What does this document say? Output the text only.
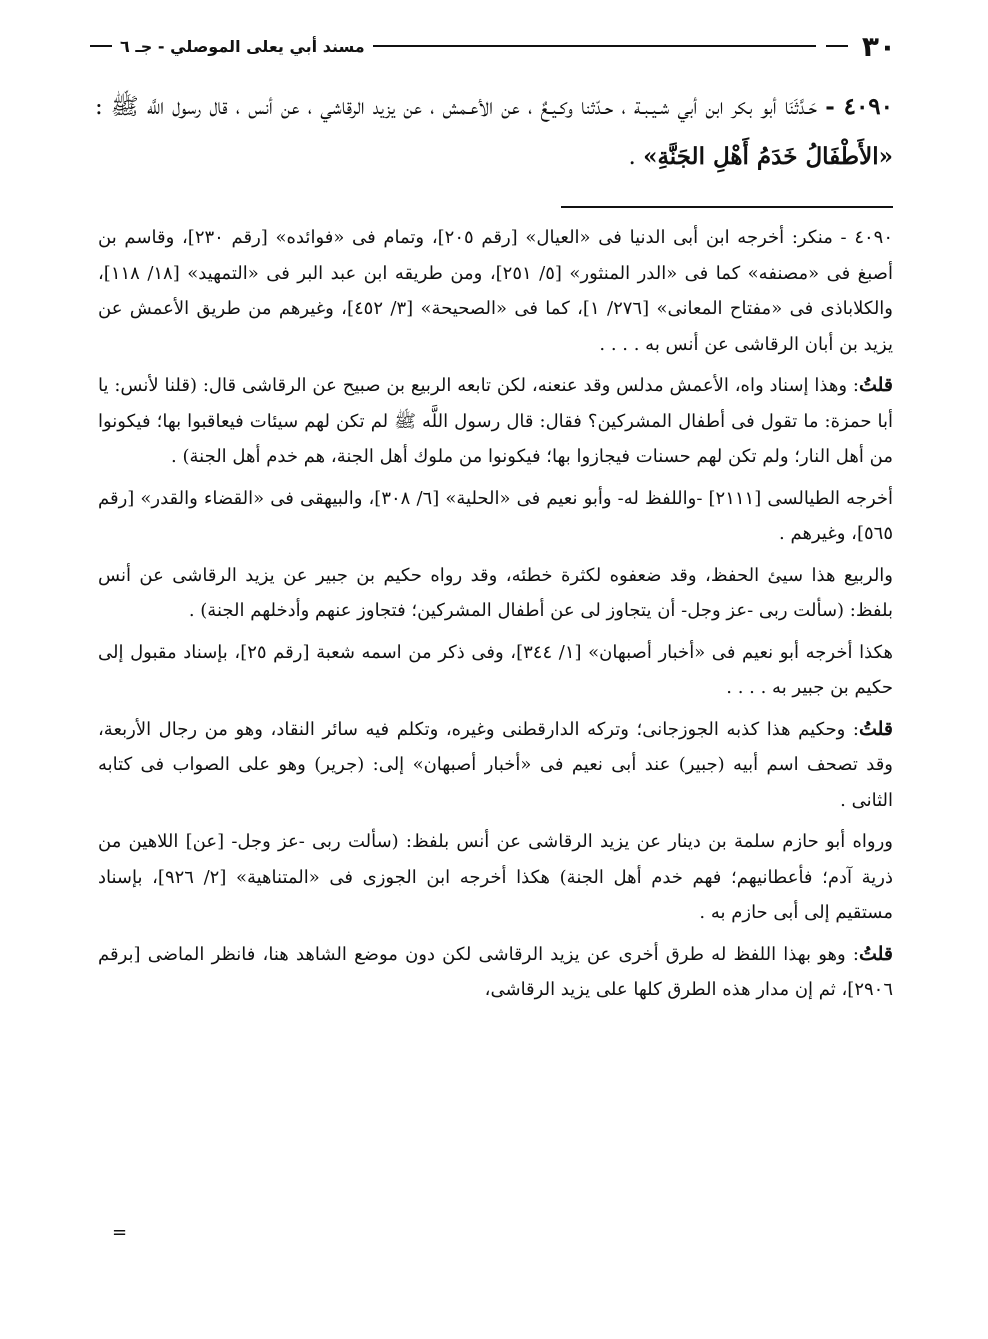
٣٠
مسند أبي يعلى الموصلي - جـ ٦
٤٠٩٠ - حَـدَّثَنَا أبو بكر ابن أبي شـيـبـة ، حـدّثنا وكـيـعٌ ، عن الأعـمش ، عن يزيد الرقاشي ، عن أنس ، قال رسول اللَّه ﷺ : «الأَطْفَالُ خَدَمُ أَهْلِ الجَنَّةِ» .

٤٠٩٠ - منكر: أخرجه ابن أبى الدنيا فى «العيال» [رقم ٢٠٥]، وتمام فى «فوائده» [رقم ٢٣٠]، وقاسم بن أصبغ فى «مصنفه» كما فى «الدر المنثور» [٥/ ٢٥١]، ومن طريقه ابن عبد البر فى «التمهيد» [١٨/ ١١٨]، والكلاباذى فى «مفتاح المعانى» [٢٧٦/ ١]، كما فى «الصحيحة» [٣/ ٤٥٢]، وغيرهم من طريق الأعمش عن يزيد بن أبان الرقاشى عن أنس به . . . .

قلتُ: وهذا إسناد واه، الأعمش مدلس وقد عنعنه، لكن تابعه الربيع بن صبيح عن الرقاشى قال: (قلنا لأنس: يا أبا حمزة: ما تقول فى أطفال المشركين؟ فقال: قال رسول اللَّه ﷺ لم تكن لهم سيئات فيعاقبوا بها؛ فيكونوا من أهل النار؛ ولم تكن لهم حسنات فيجازوا بها؛ فيكونوا من ملوك أهل الجنة، هم خدم أهل الجنة) .

أخرجه الطيالسى [٢١١١] -واللفظ له- وأبو نعيم فى «الحلية» [٦/ ٣٠٨]، والبيهقى فى «القضاء والقدر» [رقم ٥٦٥]، وغيرهم .

والربيع هذا سيئ الحفظ، وقد ضعفوه لكثرة خطئه، وقد رواه حكيم بن جبير عن يزيد الرقاشى عن أنس بلفظ: (سألت ربى -عز وجل- أن يتجاوز لى عن أطفال المشركين؛ فتجاوز عنهم وأدخلهم الجنة) .

هكذا أخرجه أبو نعيم فى «أخبار أصبهان» [١/ ٣٤٤]، وفى ذكر من اسمه شعبة [رقم ٢٥]، بإسناد مقبول إلى حكيم بن جبير به . . . .

قلتُ: وحكيم هذا كذبه الجوزجانى؛ وتركه الدارقطنى وغيره، وتكلم فيه سائر النقاد، وهو من رجال الأربعة، وقد تصحف اسم أبيه (جبير) عند أبى نعيم فى «أخبار أصبهان» إلى: (جرير) وهو على الصواب فى كتابه الثانى .

ورواه أبو حازم سلمة بن دينار عن يزيد الرقاشى عن أنس بلفظ: (سألت ربى -عز وجل- [عن] اللاهين من ذرية آدم؛ فأعطانيهم؛ فهم خدم أهل الجنة) هكذا أخرجه ابن الجوزى فى «المتناهية» [٢/ ٩٢٦]، بإسناد مستقيم إلى أبى حازم به .

قلتُ: وهو بهذا اللفظ له طرق أخرى عن يزيد الرقاشى لكن دون موضع الشاهد هنا، فانظر الماضى [برقم ٢٩٠٦]، ثم إن مدار هذه الطرق كلها على يزيد الرقاشى،

=
